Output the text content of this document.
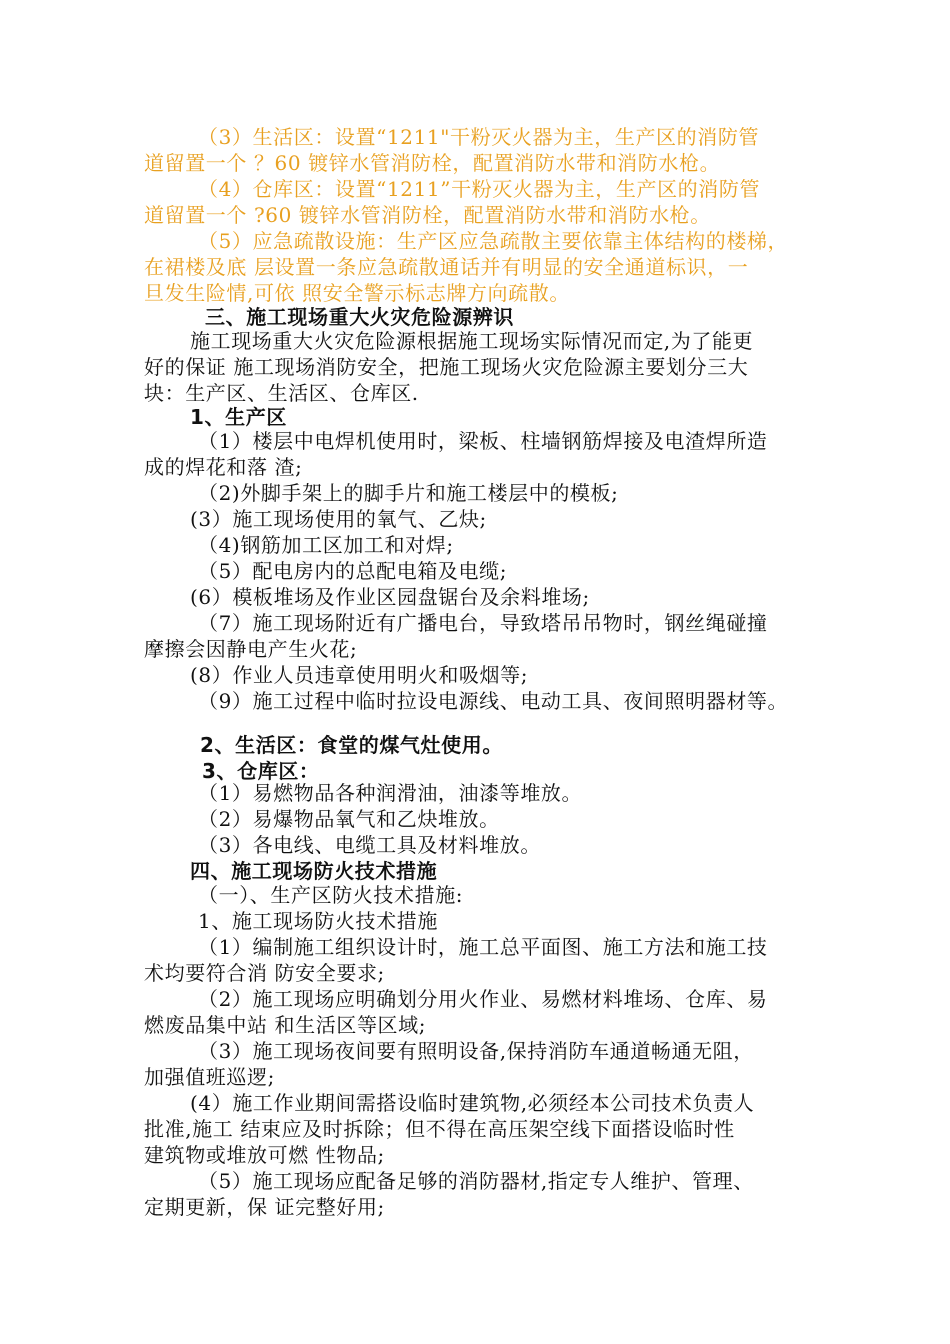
（3）生活区：设置“1211"干粉灭火器为主，生产区的消防管
道留置一个 ？60 镀锌水管消防栓，配置消防水带和消防水枪。
（4）仓库区：设置“1211”干粉灭火器为主，生产区的消防管
道留置一个 ?60 镀锌水管消防栓，配置消防水带和消防水枪。
（5）应急疏散设施：生产区应急疏散主要依靠主体结构的楼梯，
在裙楼及底 层设置一条应急疏散通话并有明显的安全通道标识，一
旦发生险情,可依 照安全警示标志牌方向疏散。
三、施工现场重大火灾危险源辨识
施工现场重大火灾危险源根据施工现场实际情况而定,为了能更
好的保证 施工现场消防安全，把施工现场火灾危险源主要划分三大
块：生产区、生活区、仓库区.
1、生产区
（1）楼层中电焊机使用时，梁板、柱墙钢筋焊接及电渣焊所造
成的焊花和落 渣;
（2)外脚手架上的脚手片和施工楼层中的模板;
(3）施工现场使用的氧气、乙炔;
（4)钢筋加工区加工和对焊;
（5）配电房内的总配电箱及电缆;
(6）模板堆场及作业区园盘锯台及余料堆场;
（7）施工现场附近有广播电台，导致塔吊吊物时，钢丝绳碰撞
摩擦会因静电产生火花;
(8）作业人员违章使用明火和吸烟等;
（9）施工过程中临时拉设电源线、电动工具、夜间照明器材等。
2、生活区：食堂的煤气灶使用。
3、仓库区：
（1）易燃物品各种润滑油，油漆等堆放。
（2）易爆物品氧气和乙炔堆放。
（3）各电线、电缆工具及材料堆放。
四、施工现场防火技术措施
（一）、生产区防火技术措施:
1、施工现场防火技术措施
（1）编制施工组织设计时，施工总平面图、施工方法和施工技
术均要符合消 防安全要求;
（2）施工现场应明确划分用火作业、易燃材料堆场、仓库、易
燃废品集中站 和生活区等区域;
（3）施工现场夜间要有照明设备,保持消防车通道畅通无阻，
加强值班巡逻;
(4）施工作业期间需搭设临时建筑物,必须经本公司技术负责人
批准,施工 结束应及时拆除；但不得在高压架空线下面搭设临时性
建筑物或堆放可燃 性物品;
（5）施工现场应配备足够的消防器材,指定专人维护、管理、
定期更新，保 证完整好用;
